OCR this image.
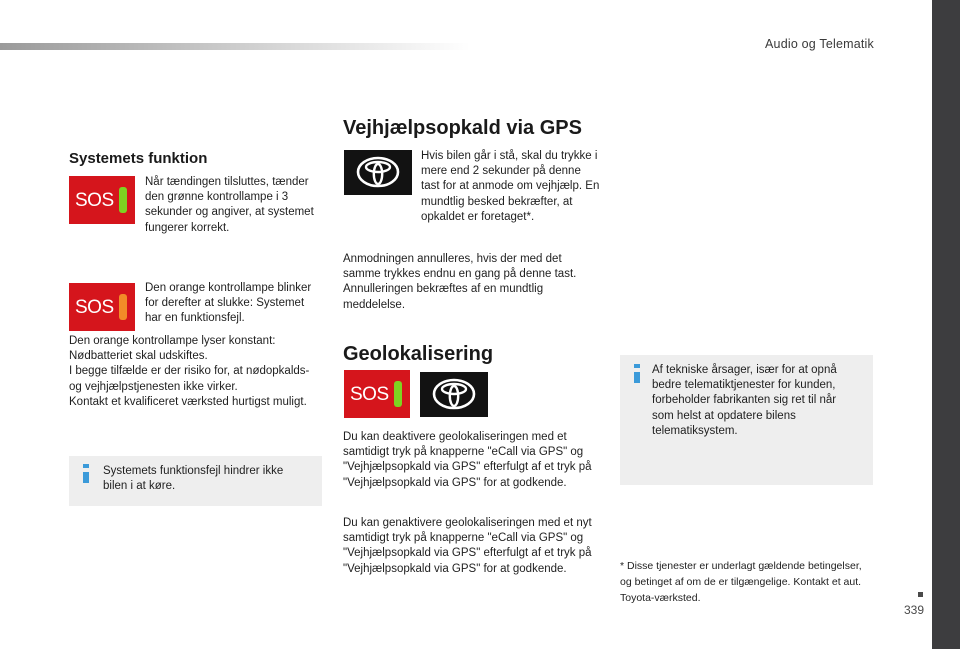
Audio og Telematik
339
Systemets funktion
SOS

Når tændingen tilsluttes, tænder den grønne kontrollampe i 3 sekunder og angiver, at systemet fungerer korrekt.

SOS

Den orange kontrollampe blinker for derefter at slukke: Systemet har en funktionsfejl.

Den orange kontrollampe lyser konstant:
Nødbatteriet skal udskiftes.
I begge tilfælde er der risiko for, at nødopkalds-
og vejhjælpstjenesten ikke virker.
Kontakt et kvalificeret værksted hurtigst muligt.

Systemets funktionsfejl hindrer ikke bilen i at køre.

Vejhjælpsopkald via GPS

Hvis bilen går i stå, skal du trykke i mere end 2 sekunder på denne tast for at anmode om vejhjælp. En mundtlig besked bekræfter, at opkaldet er foretaget*.

Anmodningen annulleres, hvis der med det samme trykkes endnu en gang på denne tast. Annulleringen bekræftes af en mundtlig meddelelse.

Geolokalisering
SOS

Du kan deaktivere geolokaliseringen med et samtidigt tryk på knapperne "eCall via GPS" og "Vejhjælpsopkald via GPS" efterfulgt af et tryk på "Vejhjælpsopkald via GPS" for at godkende.

Du kan genaktivere geolokaliseringen med et nyt samtidigt tryk på knapperne "eCall via GPS" og "Vejhjælpsopkald via GPS" efterfulgt af et tryk på "Vejhjælpsopkald via GPS" for at godkende.

Af tekniske årsager, især for at opnå bedre telematiktjenester for kunden, forbeholder fabrikanten sig ret til når som helst at opdatere bilens telematiksystem.

* Disse tjenester er underlagt gældende betingelser, og betinget af om de er tilgængelige. Kontakt et aut. Toyota-værksted.
